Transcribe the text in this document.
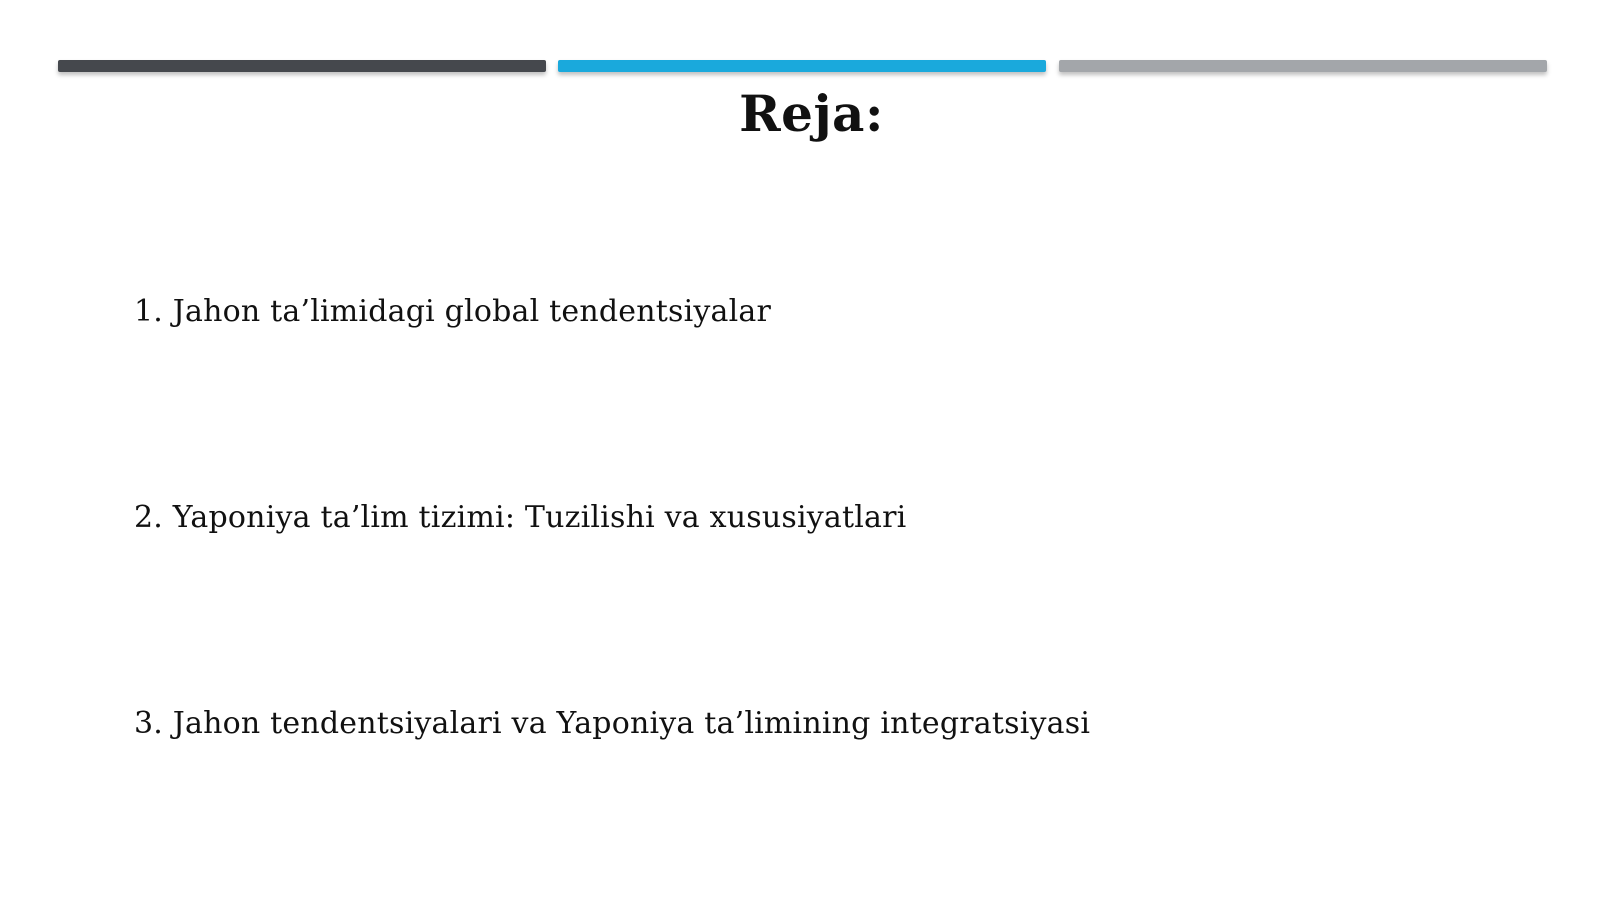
Reja:
1. Jahon ta’limidagi global tendentsiyalar
2. Yaponiya ta’lim tizimi: Tuzilishi va xususiyatlari
3. Jahon tendentsiyalari va Yaponiya ta’limining integratsiyasi
